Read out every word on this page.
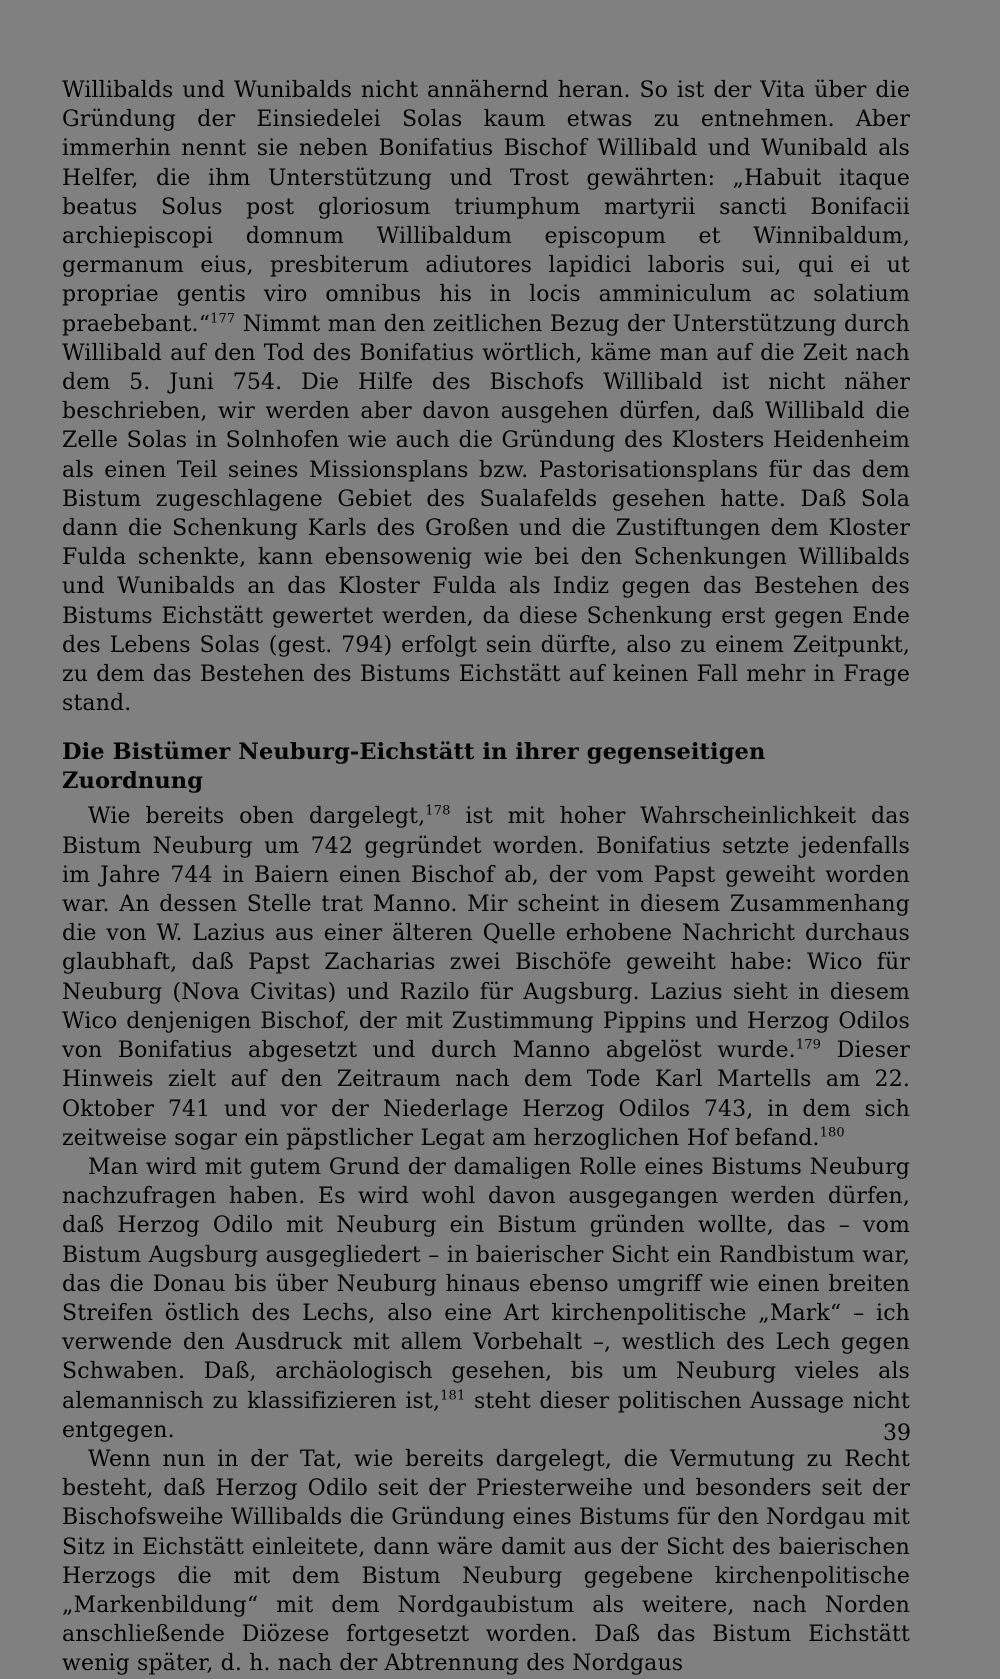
Willibalds und Wunibalds nicht annähernd heran. So ist der Vita über die Gründung der Einsiedelei Solas kaum etwas zu entnehmen. Aber immerhin nennt sie neben Bonifatius Bischof Willibald und Wunibald als Helfer, die ihm Unterstützung und Trost gewährten: „Habuit itaque beatus Solus post gloriosum triumphum martyrii sancti Bonifacii archiepiscopi domnum Willibaldum episcopum et Winnibaldum, germanum eius, presbiterum adiutores lapidici laboris sui, qui ei ut propriae gentis viro omnibus his in locis amminiculum ac solatium praebebant.“$^{177}$ Nimmt man den zeitlichen Bezug der Unterstützung durch Willibald auf den Tod des Bonifatius wörtlich, käme man auf die Zeit nach dem 5. Juni 754. Die Hilfe des Bischofs Willibald ist nicht näher beschrieben, wir werden aber davon ausgehen dürfen, daß Willibald die Zelle Solas in Solnhofen wie auch die Gründung des Klosters Heidenheim als einen Teil seines Missionsplans bzw. Pastorisationsplans für das dem Bistum zugeschlagene Gebiet des Sualafelds gesehen hatte. Daß Sola dann die Schenkung Karls des Großen und die Zustiftungen dem Kloster Fulda schenkte, kann ebensowenig wie bei den Schenkungen Willibalds und Wunibalds an das Kloster Fulda als Indiz gegen das Bestehen des Bistums Eichstätt gewertet werden, da diese Schenkung erst gegen Ende des Lebens Solas (gest. 794) erfolgt sein dürfte, also zu einem Zeitpunkt, zu dem das Bestehen des Bistums Eichstätt auf keinen Fall mehr in Frage stand.

Die Bistümer Neuburg-Eichstätt in ihrer gegenseitigen Zuordnung

Wie bereits oben dargelegt,$^{178}$ ist mit hoher Wahrscheinlichkeit das Bistum Neuburg um 742 gegründet worden. Bonifatius setzte jedenfalls im Jahre 744 in Baiern einen Bischof ab, der vom Papst geweiht worden war. An dessen Stelle trat Manno. Mir scheint in diesem Zusammenhang die von W. Lazius aus einer älteren Quelle erhobene Nachricht durchaus glaubhaft, daß Papst Zacharias zwei Bischöfe geweiht habe: Wico für Neuburg (Nova Civitas) und Razilo für Augsburg. Lazius sieht in diesem Wico denjenigen Bischof, der mit Zustimmung Pippins und Herzog Odilos von Bonifatius abgesetzt und durch Manno abgelöst wurde.$^{179}$ Dieser Hinweis zielt auf den Zeitraum nach dem Tode Karl Martells am 22. Oktober 741 und vor der Niederlage Herzog Odilos 743, in dem sich zeitweise sogar ein päpstlicher Legat am herzoglichen Hof befand.$^{180}$

Man wird mit gutem Grund der damaligen Rolle eines Bistums Neuburg nachzufragen haben. Es wird wohl davon ausgegangen werden dürfen, daß Herzog Odilo mit Neuburg ein Bistum gründen wollte, das – vom Bistum Augsburg ausgegliedert – in baierischer Sicht ein Randbistum war, das die Donau bis über Neuburg hinaus ebenso umgriff wie einen breiten Streifen östlich des Lechs, also eine Art kirchenpolitische „Mark“ – ich verwende den Ausdruck mit allem Vorbehalt –, westlich des Lech gegen Schwaben. Daß, archäologisch gesehen, bis um Neuburg vieles als alemannisch zu klassifizieren ist,$^{181}$ steht dieser politischen Aussage nicht entgegen.

Wenn nun in der Tat, wie bereits dargelegt, die Vermutung zu Recht besteht, daß Herzog Odilo seit der Priesterweihe und besonders seit der Bischofsweihe Willibalds die Gründung eines Bistums für den Nordgau mit Sitz in Eichstätt einleitete, dann wäre damit aus der Sicht des baierischen Herzogs die mit dem Bistum Neuburg gegebene kirchenpolitische „Markenbildung“ mit dem Nordgaubistum als weitere, nach Norden anschließende Diözese fortgesetzt worden. Daß das Bistum Eichstätt wenig später, d. h. nach der Abtrennung des Nordgaus

39
